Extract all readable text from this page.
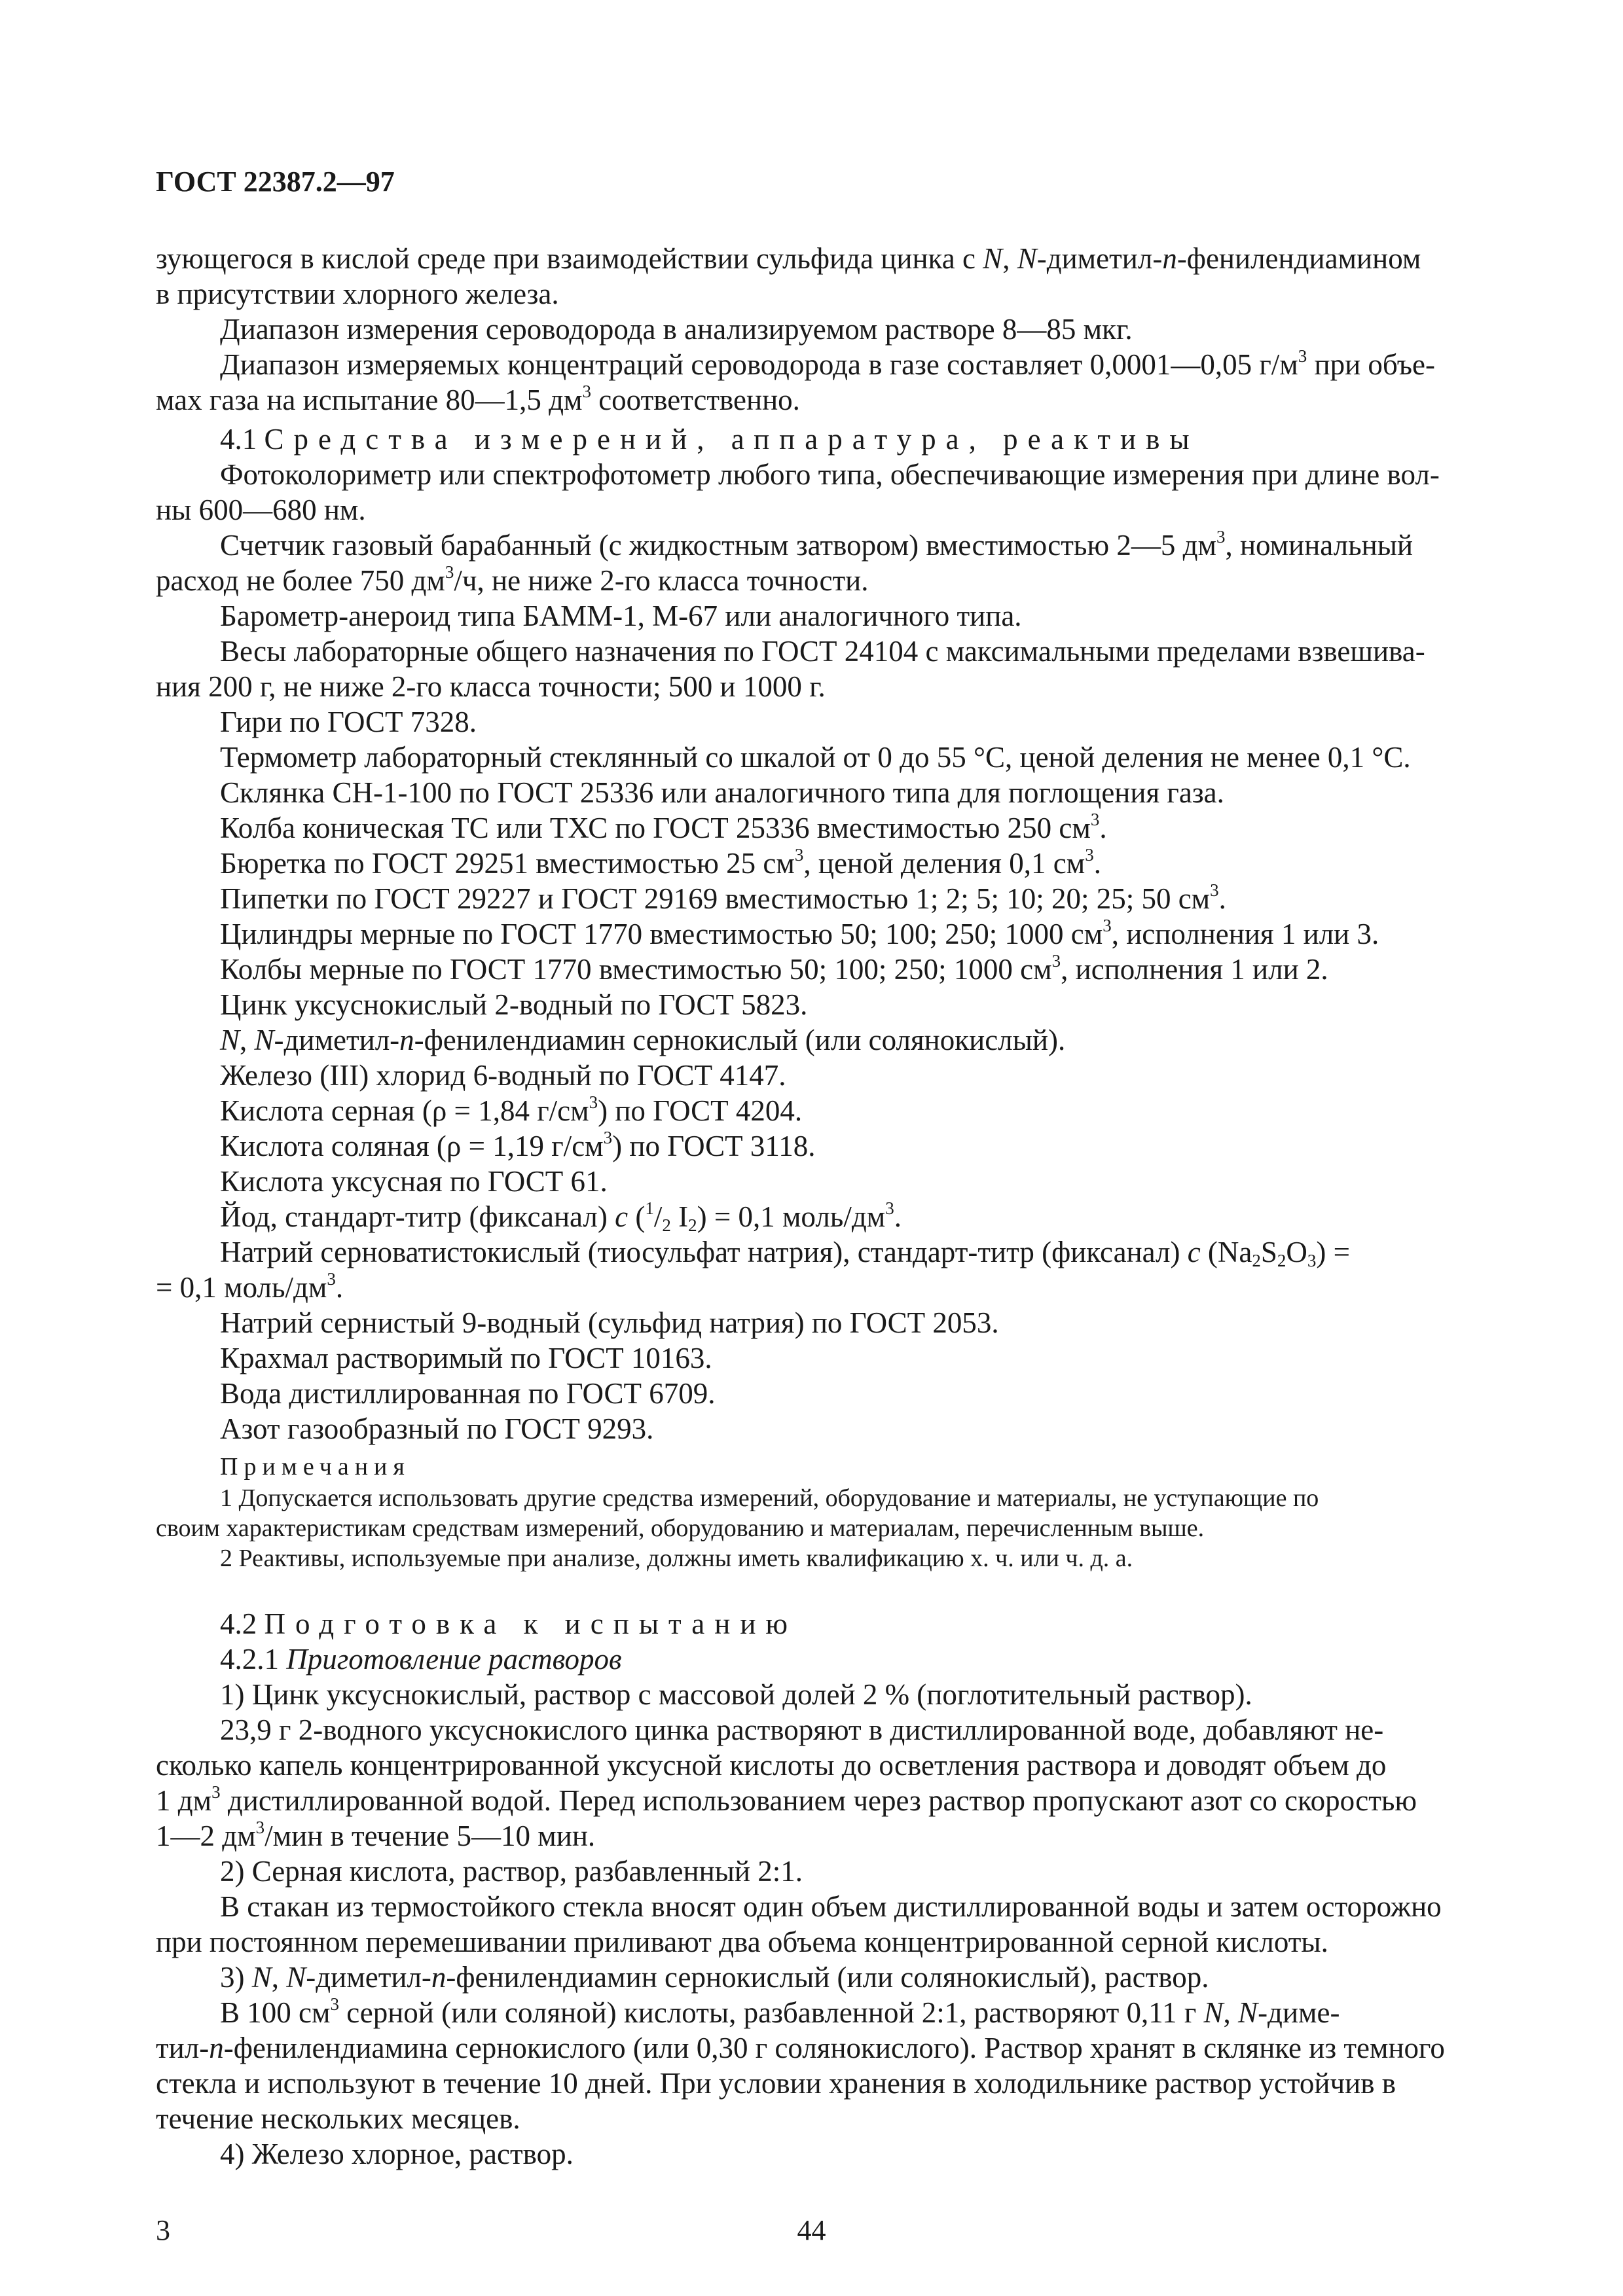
ГОСТ 22387.2—97

зующегося в кислой среде при взаимодействии сульфида цинка с N, N-диметил-n-фенилендиамином

в присутствии хлорного железа.

Диапазон измерения сероводорода в анализируемом растворе 8—85 мкг.

Диапазон измеряемых концентраций сероводорода в газе составляет 0,0001—0,05 $г/м^3$ при объе-

мах газа на испытание 80—1,5 $дм^3$ соответственно.

4.1 Средства измерений, аппаратура, реактивы

Фотоколориметр или спектрофотометр любого типа, обеспечивающие измерения при длине вол-

ны 600—680 нм.

Счетчик газовый барабанный (с жидкостным затвором) вместимостью 2—5 $дм^3$, номинальный

расход не более 750 $дм^3/ч$, не ниже 2-го класса точности.

Барометр-анероид типа БАММ-1, М-67 или аналогичного типа.

Весы лабораторные общего назначения по ГОСТ 24104 с максимальными пределами взвешива-

ния 200 г, не ниже 2-го класса точности; 500 и 1000 г.

Гири по ГОСТ 7328.

Термометр лабораторный стеклянный со шкалой от 0 до 55 °С, ценой деления не менее 0,1 °С.

Склянка СН-1-100 по ГОСТ 25336 или аналогичного типа для поглощения газа.

Колба коническая ТС или ТХС по ГОСТ 25336 вместимостью 250 $см^3$.

Бюретка по ГОСТ 29251 вместимостью 25 $см^3$, ценой деления 0,1 $см^3$.

Пипетки по ГОСТ 29227 и ГОСТ 29169 вместимостью 1; 2; 5; 10; 20; 25; 50 $см^3$.

Цилиндры мерные по ГОСТ 1770 вместимостью 50; 100; 250; 1000 $см^3$, исполнения 1 или 3.

Колбы мерные по ГОСТ 1770 вместимостью 50; 100; 250; 1000 $см^3$, исполнения 1 или 2.

Цинк уксуснокислый 2-водный по ГОСТ 5823.

N, N-диметил-n-фенилендиамин сернокислый (или солянокислый).

Железо (III) хлорид 6-водный по ГОСТ 4147.

Кислота серная (ρ = 1,84 $г/см^3$) по ГОСТ 4204.

Кислота соляная (ρ = 1,19 $г/см^3$) по ГОСТ 3118.

Кислота уксусная по ГОСТ 61.

Йод, стандарт-титр (фиксанал) c ($^1/_2$ $I_2) = 0,1$ моль/$дм^3$.

Натрий серноватистокислый (тиосульфат натрия), стандарт-титр (фиксанал) c $(Na_2S_2O_3)$ =

= 0,1 моль/$дм^3$.

Натрий сернистый 9-водный (сульфид натрия) по ГОСТ 2053.

Крахмал растворимый по ГОСТ 10163.

Вода дистиллированная по ГОСТ 6709.

Азот газообразный по ГОСТ 9293.

Примечания

1 Допускается использовать другие средства измерений, оборудование и материалы, не уступающие по

своим характеристикам средствам измерений, оборудованию и материалам, перечисленным выше.

2 Реактивы, используемые при анализе, должны иметь квалификацию х. ч. или ч. д. а.

4.2 Подготовка к испытанию

4.2.1 Приготовление растворов

1) Цинк уксуснокислый, раствор с массовой долей 2 % (поглотительный раствор).

23,9 г 2-водного уксуснокислого цинка растворяют в дистиллированной воде, добавляют не-

сколько капель концентрированной уксусной кислоты до осветления раствора и доводят объем до

1 $дм^3$ дистиллированной водой. Перед использованием через раствор пропускают азот со скоростью

1—2 $дм^3$/мин в течение 5—10 мин.

2) Серная кислота, раствор, разбавленный 2:1.

В стакан из термостойкого стекла вносят один объем дистиллированной воды и затем осторожно

при постоянном перемешивании приливают два объема концентрированной серной кислоты.

3) N, N-диметил-n-фенилендиамин сернокислый (или солянокислый), раствор.

В 100 $см^3$ серной (или соляной) кислоты, разбавленной 2:1, растворяют 0,11 г N, N-диме-

тил-n-фенилендиамина сернокислого (или 0,30 г солянокислого). Раствор хранят в склянке из темного

стекла и используют в течение 10 дней. При условии хранения в холодильнике раствор устойчив в

течение нескольких месяцев.

4) Железо хлорное, раствор.

3	44
